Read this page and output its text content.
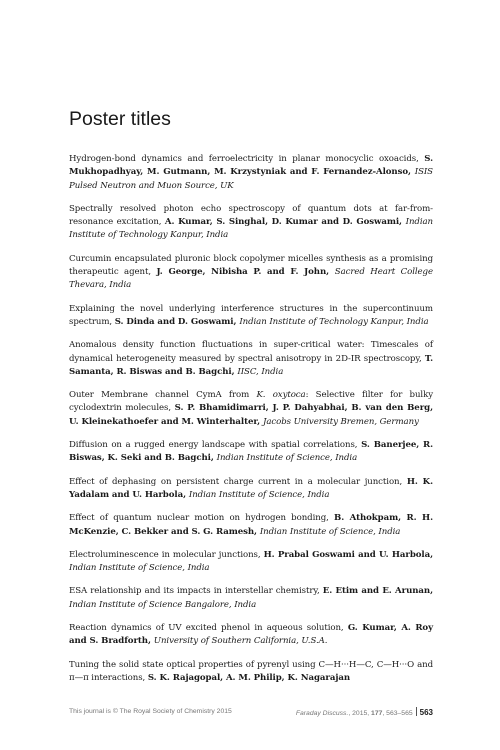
Poster titles

Hydrogen-bond dynamics and ferroelectricity in planar monocyclic oxoacids, S. Mukhopadhyay, M. Gutmann, M. Krzystyniak and F. Fernandez-Alonso, ISIS Pulsed Neutron and Muon Source, UK

Spectrally resolved photon echo spectroscopy of quantum dots at far-from-resonance excitation, A. Kumar, S. Singhal, D. Kumar and D. Goswami, Indian Institute of Technology Kanpur, India

Curcumin encapsulated pluronic block copolymer micelles synthesis as a promising therapeutic agent, J. George, Nibisha P. and F. John, Sacred Heart College Thevara, India

Explaining the novel underlying interference structures in the supercontinuum spectrum, S. Dinda and D. Goswami, Indian Institute of Technology Kanpur, India

Anomalous density function fluctuations in super-critical water: Timescales of dynamical heterogeneity measured by spectral anisotropy in 2D-IR spectroscopy, T. Samanta, R. Biswas and B. Bagchi, IISC, India

Outer Membrane channel CymA from K. oxytoca: Selective filter for bulky cyclodextrin molecules, S. P. Bhamidimarri, J. P. Dahyabhai, B. van den Berg, U. Kleinekathoefer and M. Winterhalter, Jacobs University Bremen, Germany

Diffusion on a rugged energy landscape with spatial correlations, S. Banerjee, R. Biswas, K. Seki and B. Bagchi, Indian Institute of Science, India

Effect of dephasing on persistent charge current in a molecular junction, H. K. Yadalam and U. Harbola, Indian Institute of Science, India

Effect of quantum nuclear motion on hydrogen bonding, B. Athokpam, R. H. McKenzie, C. Bekker and S. G. Ramesh, Indian Institute of Science, India

Electroluminescence in molecular junctions, H. Prabal Goswami and U. Harbola, Indian Institute of Science, India

ESA relationship and its impacts in interstellar chemistry, E. Etim and E. Arunan, Indian Institute of Science Bangalore, India

Reaction dynamics of UV excited phenol in aqueous solution, G. Kumar, A. Roy and S. Bradforth, University of Southern California, U.S.A.

Tuning the solid state optical properties of pyrenyl using C—H···H—C, C—H···O and π—π interactions, S. K. Rajagopal, A. M. Philip, K. Nagarajan

This journal is © The Royal Society of Chemistry 2015	Faraday Discuss., 2015, 177, 563–565 563
